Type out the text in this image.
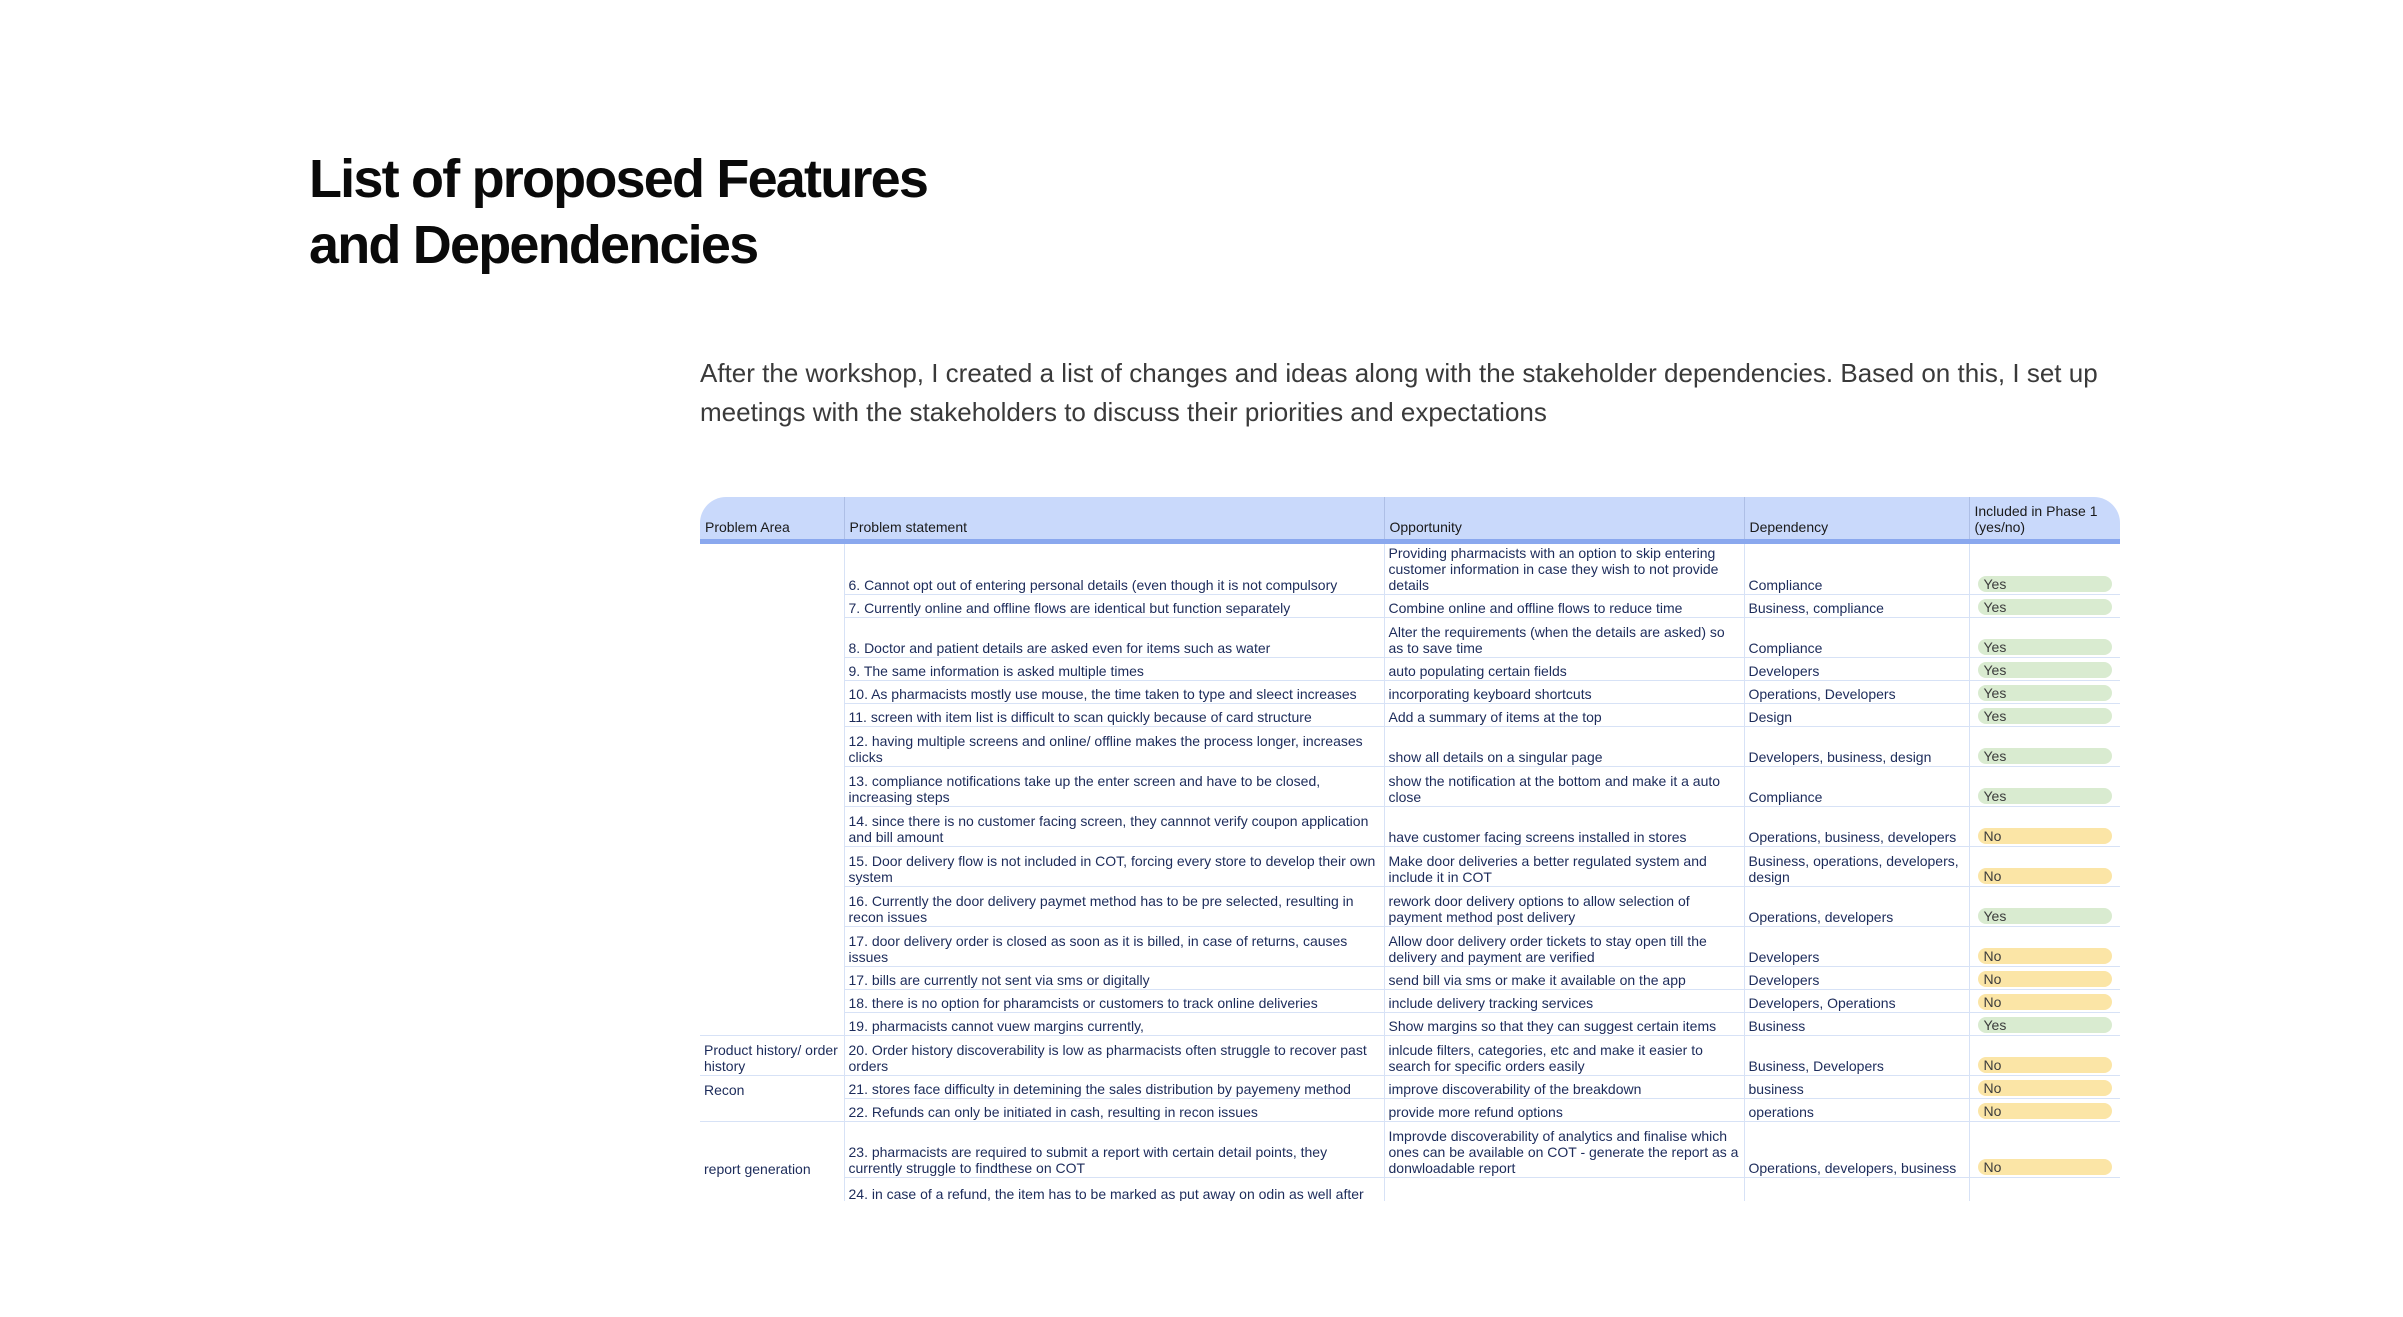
List of proposed Features
and Dependencies

After the workshop, I created a list of changes and ideas along with the stakeholder dependencies. Based on this, I set up meetings with the stakeholders to discuss their priorities and expectations

Problem Area	Problem statement	Opportunity	Dependency	Included in Phase 1 (yes/no)
	6. Cannot opt out of entering personal details (even though it is not compulsory	Providing pharmacists with an option to skip entering customer information in case they wish to not provide details	Compliance	Yes

	7. Currently online and offline flows are identical but function separately	Combine online and offline flows to reduce time	Business, compliance	Yes

	8. Doctor and patient details are asked even for items such as water	Alter the requirements (when the details are asked) so as to save time	Compliance	Yes

	9. The same information is asked multiple times	auto populating certain fields	Developers	Yes

	10. As pharmacists mostly use mouse, the time taken to type and sleect increases	incorporating keyboard shortcuts	Operations, Developers	Yes

	11. screen with item list is difficult to scan quickly because of card structure	Add a summary of items at the top	Design	Yes

	12. having multiple screens and online/ offline makes the process longer, increases clicks	show all details on a singular page	Developers, business, design	Yes

	13. compliance notifications take up the enter screen and have to be closed, increasing steps	show the notification at the bottom and make it a auto close	Compliance	Yes

	14. since there is no customer facing screen, they cannnot verify coupon application and bill amount	have customer facing screens installed in stores	Operations, business, developers	No

	15. Door delivery flow is not included in COT, forcing every store to develop their own system	Make door deliveries a better regulated system and include it in COT	Business, operations, developers, design	No

	16. Currently the door delivery paymet method has to be pre selected, resulting in recon issues	rework door delivery options to allow selection of payment method post delivery	Operations, developers	Yes

	17. door delivery order is closed as soon as it is billed, in case of returns, causes issues	Allow door delivery order tickets to stay open till the delivery and payment are verified	Developers	No

	17. bills are currently not sent via sms or digitally	send bill via sms or make it available on the app	Developers	No

	18. there is no option for pharamcists or customers to track online deliveries	include delivery tracking services	Developers, Operations	No

	19. pharmacists cannot vuew margins currently,	Show margins so that they can suggest certain items	Business	Yes

Product history/ order history	20. Order history discoverability is low as pharmacists often struggle to recover past orders	inlcude filters, categories, etc and make it easier to search for specific orders easily	Business, Developers	No

Recon	21. stores face difficulty in detemining the sales distribution by payemeny method	improve discoverability of the breakdown	business	No

	22. Refunds can only be initiated in cash, resulting in recon issues	provide more refund options	operations	No

report generation	23. pharmacists are required to submit a report with certain detail points, they currently struggle to findthese on COT	Improvde discoverability of analytics and finalise which ones can be available on COT - generate the report as a donwloadable report	Operations, developers, business	No

	24. in case of a refund, the item has to be marked as put away on odin as well after			
